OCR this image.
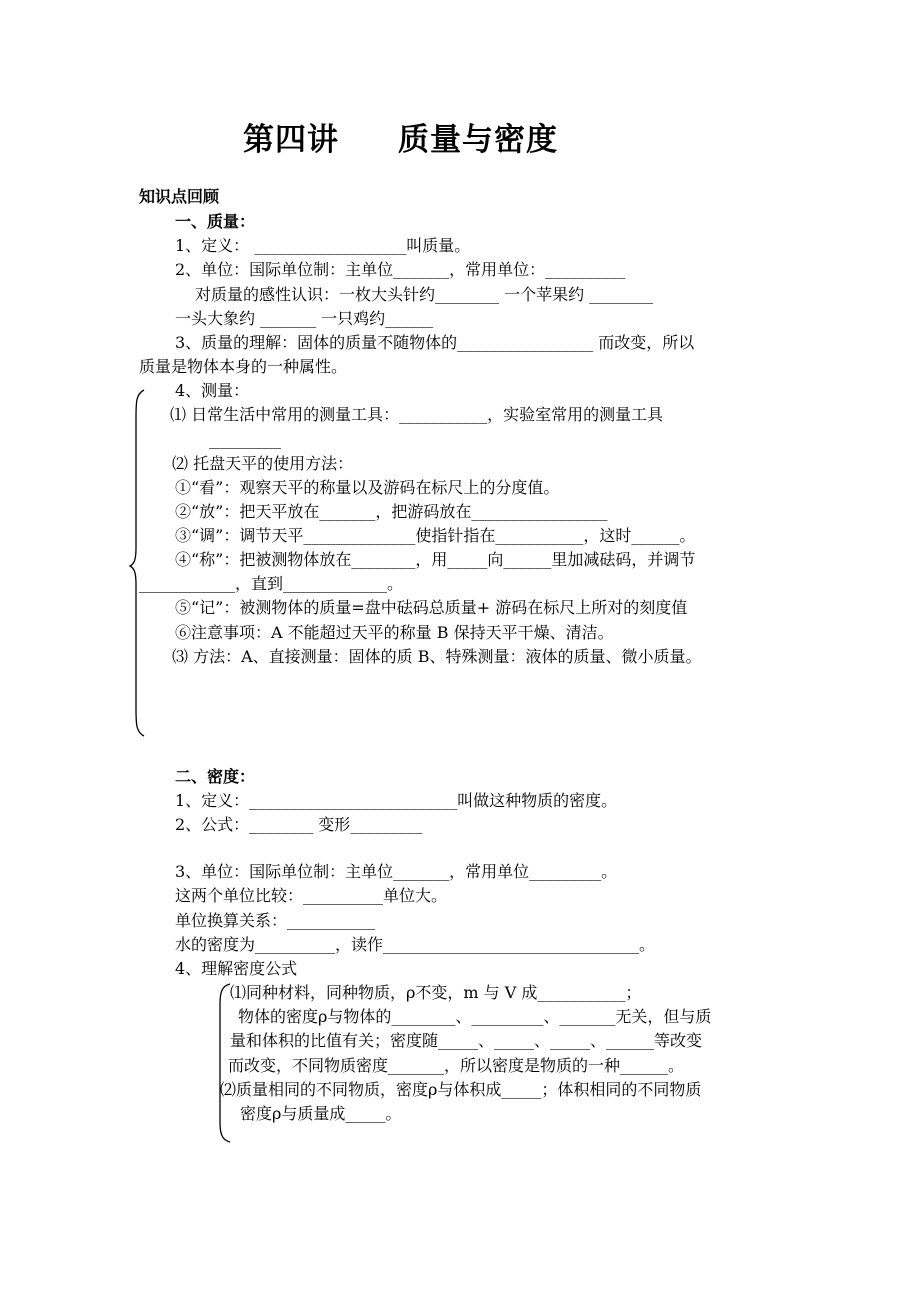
第四讲     质量与密度
知识点回顾
一、质量：
1、定义： ___________________叫质量。
2、单位：国际单位制：主单位_______，常用单位：__________
对质量的感性认识：一枚大头针约________ 一个苹果约 ________
一头大象约 _______ 一只鸡约______
3、质量的理解：固体的质量不随物体的_________________ 而改变，所以
质量是物体本身的一种属性。
4、测量：
⑴ 日常生活中常用的测量工具：___________，实验室常用的测量工具
_________
⑵ 托盘天平的使用方法：
①“看”：观察天平的称量以及游码在标尺上的分度值。
②“放”：把天平放在_______，把游码放在_________________
③“调”：调节天平______________使指针指在___________，这时______。
④“称”：把被测物体放在________，用_____向______里加减砝码，并调节
____________，直到_____________。
⑤“记”：被测物体的质量=盘中砝码总质量+ 游码在标尺上所对的刻度值
⑥注意事项：A 不能超过天平的称量 B 保持天平干燥、清洁。
⑶ 方法：A、直接测量：固体的质 B、特殊测量：液体的质量、微小质量。
二、密度：
1、定义：__________________________叫做这种物质的密度。
2、公式：________ 变形_________
3、单位：国际单位制：主单位_______，常用单位_________。
这两个单位比较：__________单位大。
单位换算关系：___________
水的密度为__________，读作________________________________。
4、理解密度公式
⑴同种材料，同种物质，ρ不变，m 与 V 成___________；
物体的密度ρ与物体的________、_________、_______无关，但与质
量和体积的比值有关；密度随_____、_____、_____、______等改变
而改变，不同物质密度_______，所以密度是物质的一种______。
⑵质量相同的不同物质，密度ρ与体积成_____；体积相同的不同物质
密度ρ与质量成_____。
